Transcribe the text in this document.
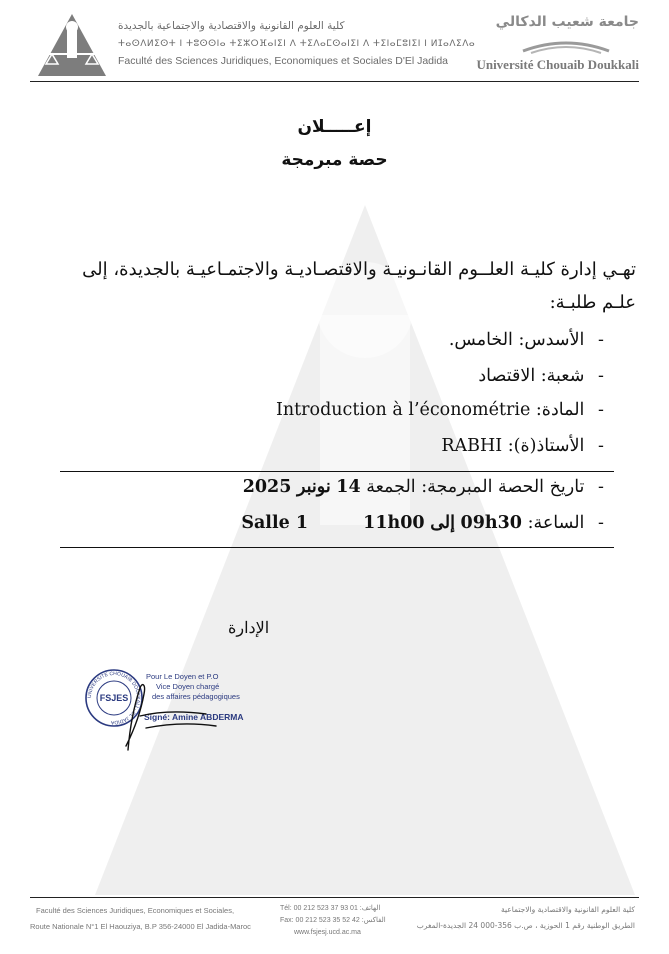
كلية العلوم القانونية والاقتصادية والاجتماعية بالجديدة
ⵜⴰⵙⴷⵍⵉⵙⵜ ⵏ ⵜⵓⵙⵙⵏⴰ ⵜⵉⵣⵔⴼⴰⵏⵉⵏ ⴷ ⵜⵉⴷⴰⵎⵙⴰⵏⵉⵏ ⴷ ⵜⵉⵏⴰⵎⵓⵏⵉⵏ ⵏ ⵍⵊⴰⴷⵉⴷⴰ
Faculté des Sciences Juridiques, Economiques et Sociales D'El Jadida
جامعة شعيب الدكالي
Université Chouaib Doukkali
إعـــــلان
حصة مبرمجة
تهـي إدارة كليـة العلــوم القانـونيـة والاقتصـاديـة والاجتمـاعيـة بالجديدة، إلى علـم طلبـة:
- الأسدس: الخامس.
- شعبة: الاقتصاد
- المادة: Introduction à l’économétrie
- الأستاذ(ة): RABHI
- تاريخ الحصة المبرمجة: الجمعة 14 نونبر 2025
- الساعة: 09h30 إلى 11h00  Salle 1
الإدارة
UNIVERSITE CHOUAIB DOUKKALI · EL JADIDA
FSJES
Pour Le Doyen et P.O
Vice Doyen chargé
des affaires pédagogiques
Signé: Amine ABDERMA
Faculté des Sciences Juridiques, Economiques et Sociales,
Route Nationale N°1 El Haouziya, B.P 356-24000 El Jadida-Maroc
Tél: 00 212 523 37 93 01 :الهاتف
Fax: 00 212 523 35 52 42 :الفاكس
www.fsjesj.ucd.ac.ma
كلية العلوم القانونية والاقتصادية والاجتماعية
الطريق الوطنية رقم 1 الحوزية ، ص.ب 356-000 24 الجديدة-المغرب
